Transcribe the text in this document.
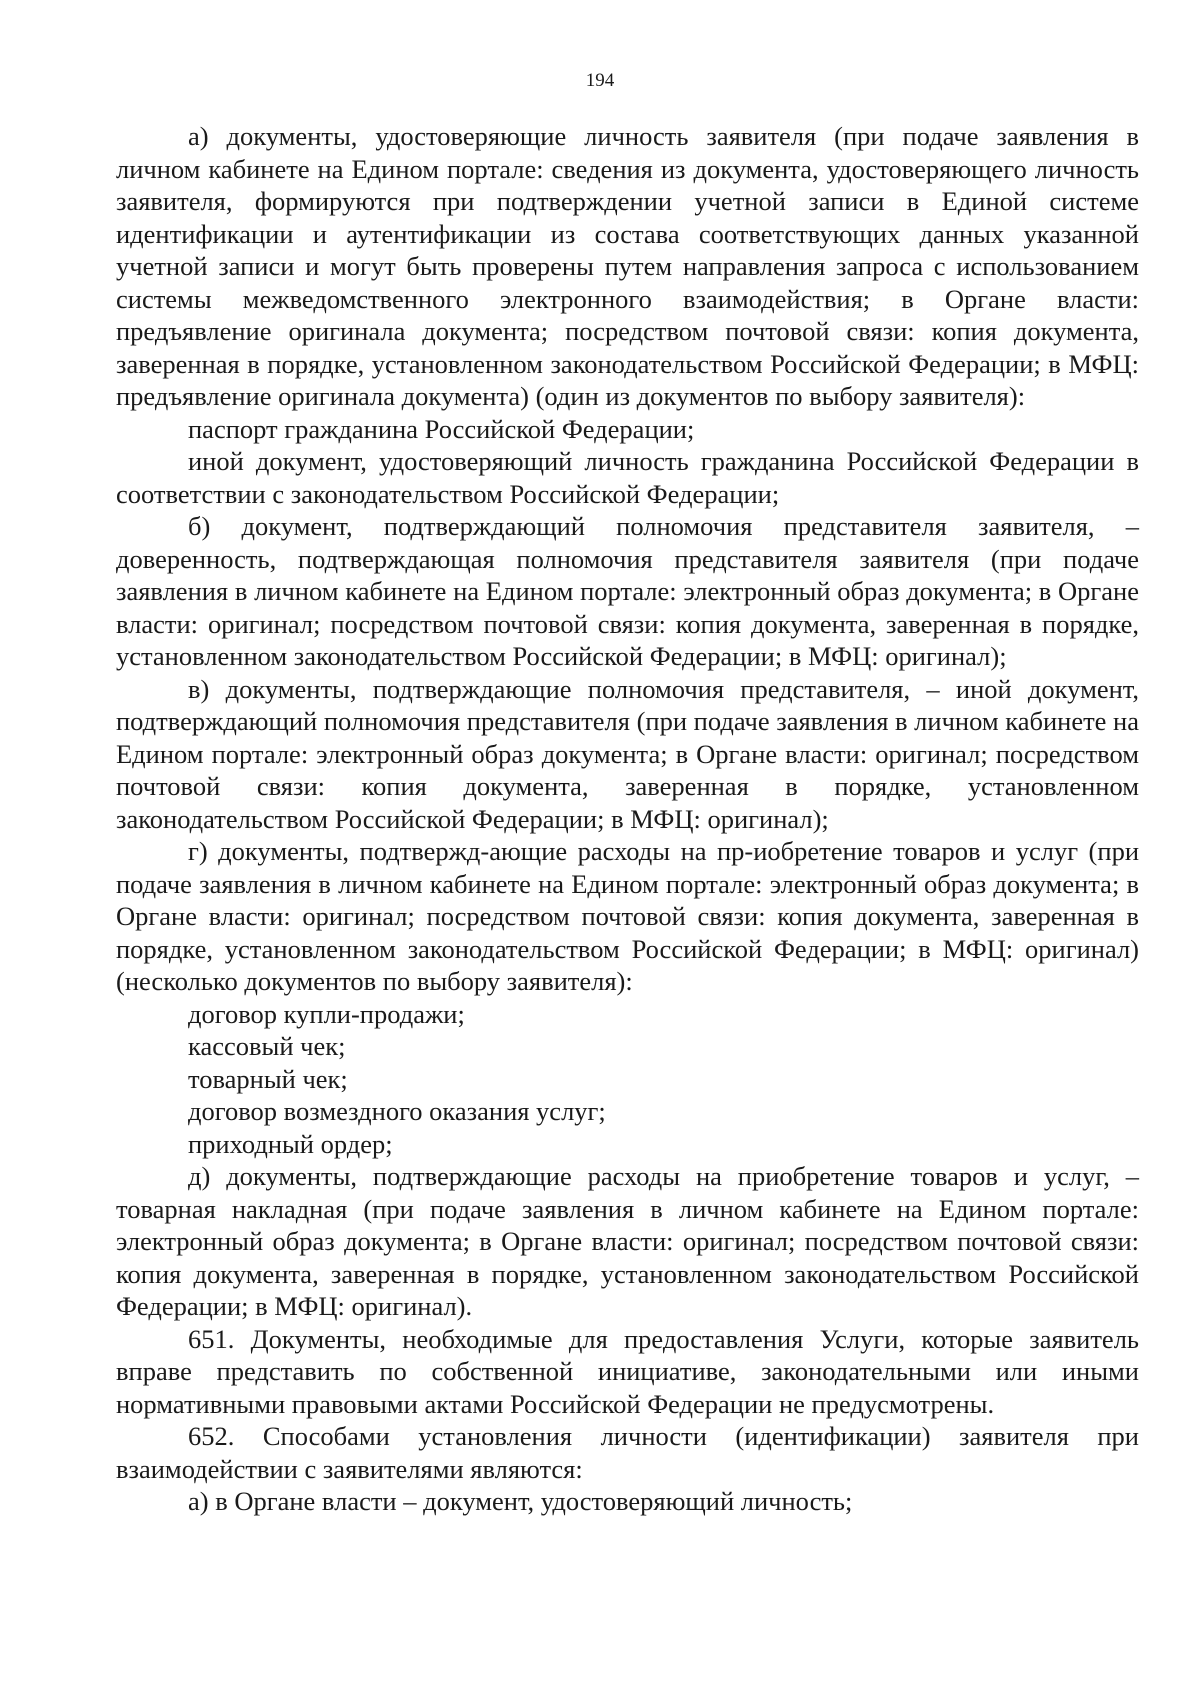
194

а) документы, удостоверяющие личность заявителя (при подаче заявления в личном кабинете на Едином портале: сведения из документа, удостоверяющего личность заявителя, формируются при подтверждении учетной записи в Единой системе идентификации и аутентификации из состава соответствующих данных указанной учетной записи и могут быть проверены путем направления запроса с использованием системы межведомственного электронного взаимодействия; в Органе власти: предъявление оригинала документа; посредством почтовой связи: копия документа, заверенная в порядке, установленном законодательством Российской Федерации; в МФЦ: предъявление оригинала документа) (один из документов по выбору заявителя):

паспорт гражданина Российской Федерации;

иной документ, удостоверяющий личность гражданина Российской Федерации в соответствии с законодательством Российской Федерации;

б) документ, подтверждающий полномочия представителя заявителя, – доверенность, подтверждающая полномочия представителя заявителя (при подаче заявления в личном кабинете на Едином портале: электронный образ документа; в Органе власти: оригинал; посредством почтовой связи: копия документа, заверенная в порядке, установленном законодательством Российской Федерации; в МФЦ: оригинал);

в) документы, подтверждающие полномочия представителя, – иной документ, подтверждающий полномочия представителя (при подаче заявления в личном кабинете на Едином портале: электронный образ документа; в Органе власти: оригинал; посредством почтовой связи: копия документа, заверенная в порядке, установленном законодательством Российской Федерации; в МФЦ: оригинал);

г) документы, подтвержд-ающие расходы на пр-иобретение товаров и услуг (при подаче заявления в личном кабинете на Едином портале: электронный образ документа; в Органе власти: оригинал; посредством почтовой связи: копия документа, заверенная в порядке, установленном законодательством Российской Федерации; в МФЦ: оригинал) (несколько документов по выбору заявителя):

договор купли-продажи;

кассовый чек;

товарный чек;

договор возмездного оказания услуг;

приходный ордер;

д) документы, подтверждающие расходы на приобретение товаров и услуг, – товарная накладная (при подаче заявления в личном кабинете на Едином портале: электронный образ документа; в Органе власти: оригинал; посредством почтовой связи: копия документа, заверенная в порядке, установленном законодательством Российской Федерации; в МФЦ: оригинал).

651. Документы, необходимые для предоставления Услуги, которые заявитель вправе представить по собственной инициативе, законодательными или иными нормативными правовыми актами Российской Федерации не предусмотрены.

652. Способами установления личности (идентификации) заявителя при взаимодействии с заявителями являются:

а) в Органе власти – документ, удостоверяющий личность;
